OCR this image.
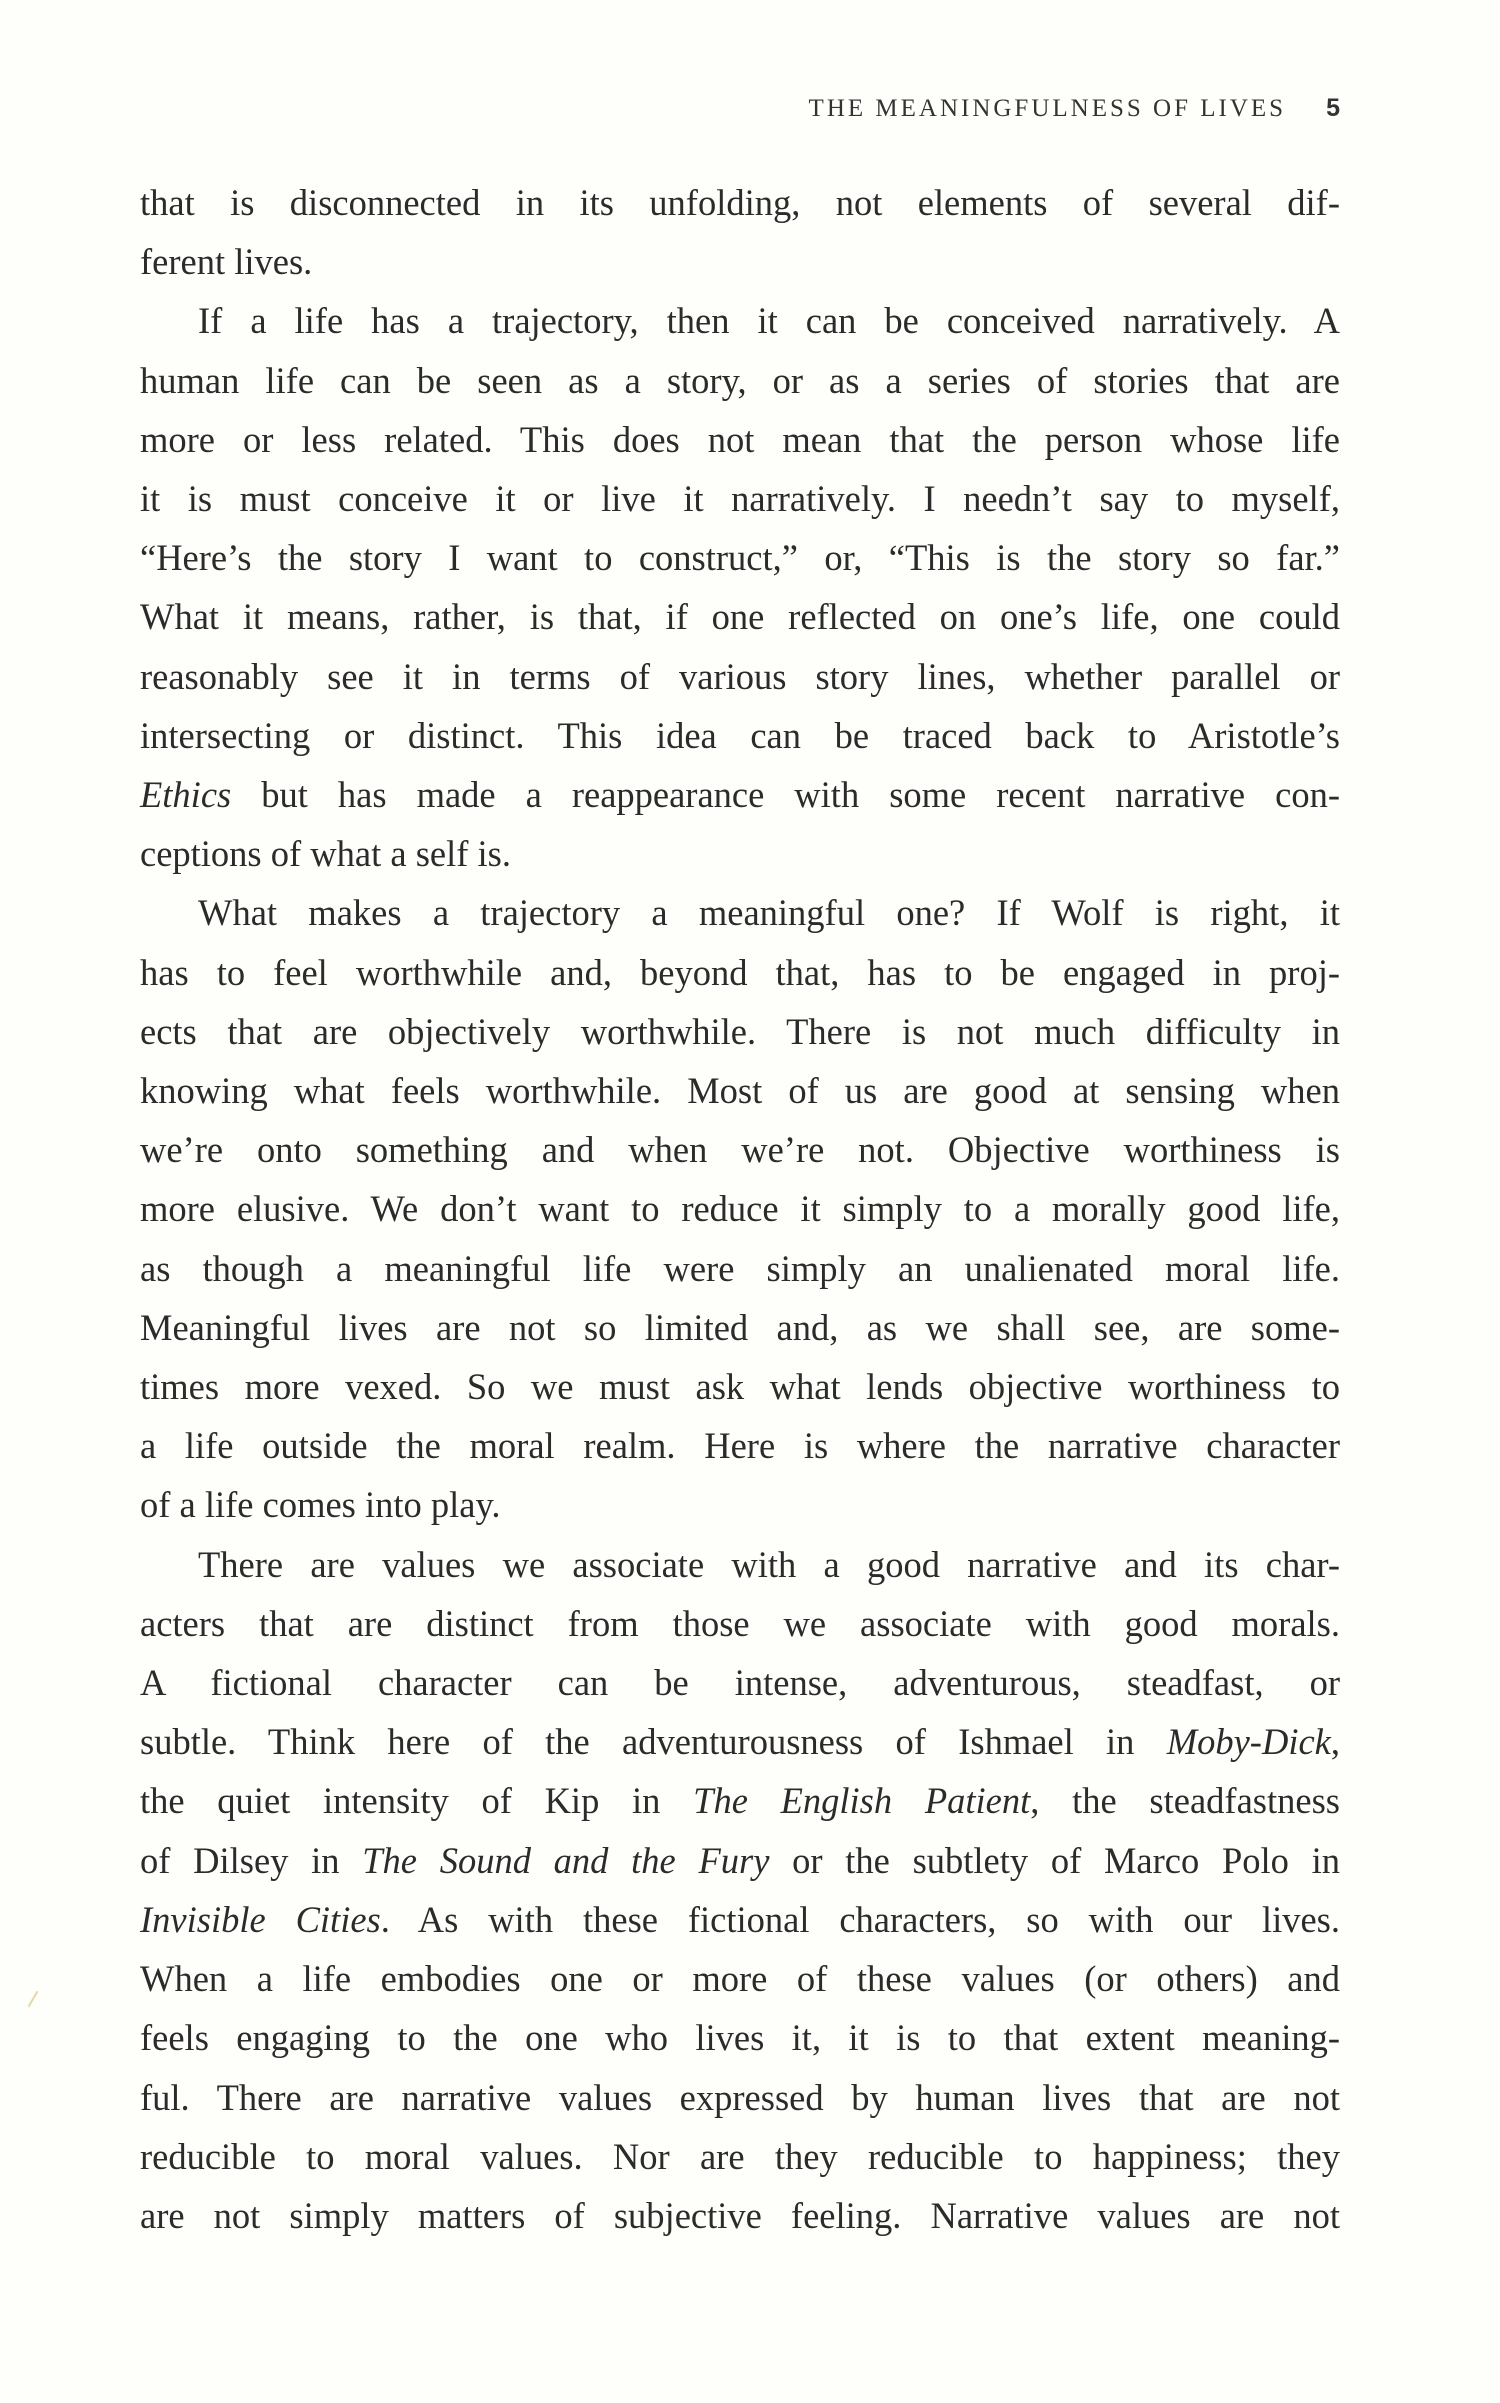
THE MEANINGFULNESS OF LIVES 5

that is disconnected in its unfolding, not elements of several dif-
ferent lives.

If a life has a trajectory, then it can be conceived narratively. A
human life can be seen as a story, or as a series of stories that are
more or less related. This does not mean that the person whose life
it is must conceive it or live it narratively. I needn’t say to myself,
“Here’s the story I want to construct,” or, “This is the story so far.”
What it means, rather, is that, if one reflected on one’s life, one could
reasonably see it in terms of various story lines, whether parallel or
intersecting or distinct. This idea can be traced back to Aristotle’s
Ethics but has made a reappearance with some recent narrative con-
ceptions of what a self is.

What makes a trajectory a meaningful one? If Wolf is right, it
has to feel worthwhile and, beyond that, has to be engaged in proj-
ects that are objectively worthwhile. There is not much difficulty in
knowing what feels worthwhile. Most of us are good at sensing when
we’re onto something and when we’re not. Objective worthiness is
more elusive. We don’t want to reduce it simply to a morally good life,
as though a meaningful life were simply an unalienated moral life.
Meaningful lives are not so limited and, as we shall see, are some-
times more vexed. So we must ask what lends objective worthiness to
a life outside the moral realm. Here is where the narrative character
of a life comes into play.

There are values we associate with a good narrative and its char-
acters that are distinct from those we associate with good morals.
A fictional character can be intense, adventurous, steadfast, or
subtle. Think here of the adventurousness of Ishmael in Moby-Dick,
the quiet intensity of Kip in The English Patient, the steadfastness
of Dilsey in The Sound and the Fury or the subtlety of Marco Polo in
Invisible Cities. As with these fictional characters, so with our lives.
When a life embodies one or more of these values (or others) and
feels engaging to the one who lives it, it is to that extent meaning-
ful. There are narrative values expressed by human lives that are not
reducible to moral values. Nor are they reducible to happiness; they
are not simply matters of subjective feeling. Narrative values are not
